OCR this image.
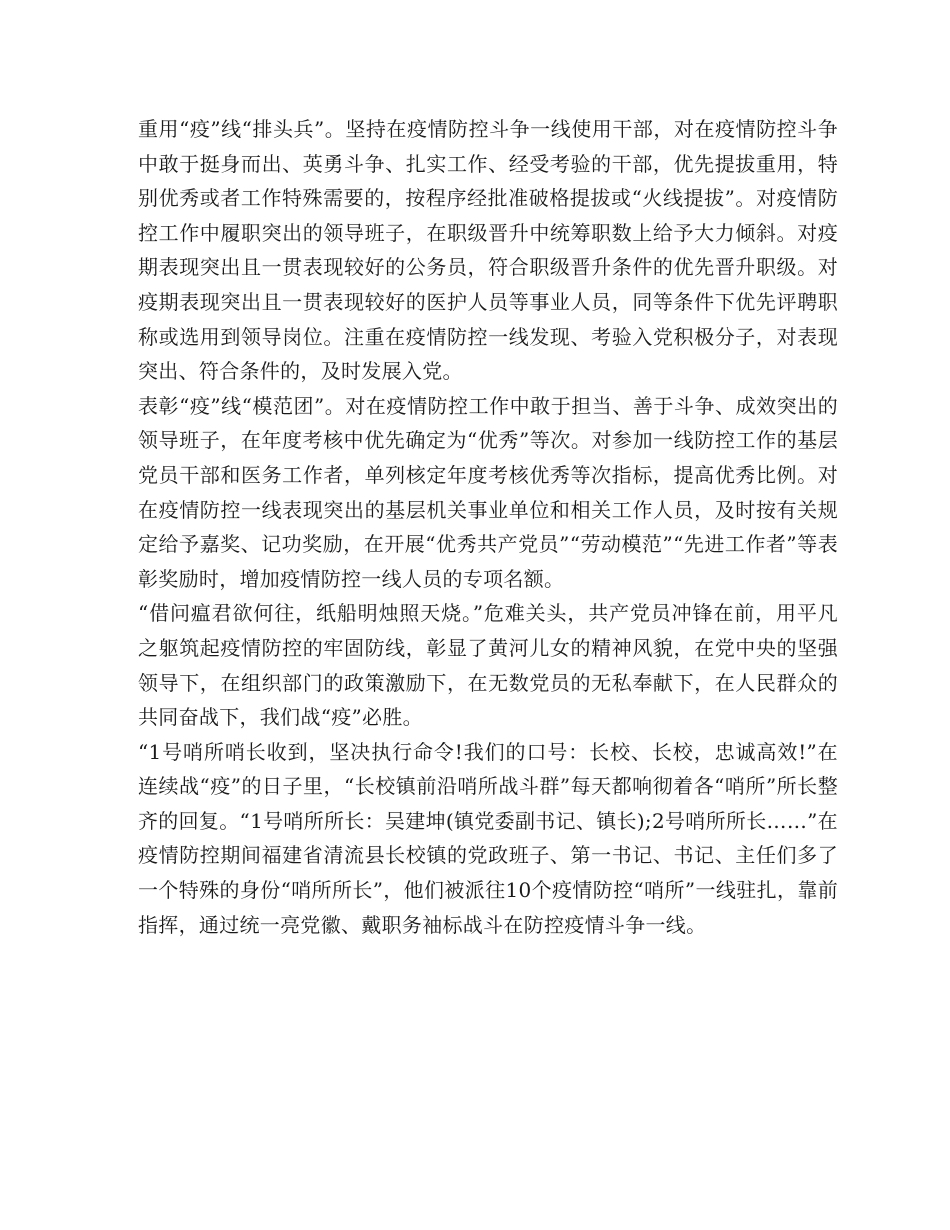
重用“疫”线“排头兵”。坚持在疫情防控斗争一线使用干部，对在疫情防控斗争中敢于挺身而出、英勇斗争、扎实工作、经受考验的干部，优先提拔重用，特别优秀或者工作特殊需要的，按程序经批准破格提拔或“火线提拔”。对疫情防控工作中履职突出的领导班子，在职级晋升中统筹职数上给予大力倾斜。对疫期表现突出且一贯表现较好的公务员，符合职级晋升条件的优先晋升职级。对疫期表现突出且一贯表现较好的医护人员等事业人员，同等条件下优先评聘职称或选用到领导岗位。注重在疫情防控一线发现、考验入党积极分子，对表现突出、符合条件的，及时发展入党。

表彰“疫”线“模范团”。对在疫情防控工作中敢于担当、善于斗争、成效突出的领导班子，在年度考核中优先确定为“优秀”等次。对参加一线防控工作的基层党员干部和医务工作者，单列核定年度考核优秀等次指标，提高优秀比例。对在疫情防控一线表现突出的基层机关事业单位和相关工作人员，及时按有关规定给予嘉奖、记功奖励，在开展“优秀共产党员”“劳动模范”“先进工作者”等表彰奖励时，增加疫情防控一线人员的专项名额。

“借问瘟君欲何往，纸船明烛照天烧。”危难关头，共产党员冲锋在前，用平凡之躯筑起疫情防控的牢固防线，彰显了黄河儿女的精神风貌，在党中央的坚强领导下，在组织部门的政策激励下，在无数党员的无私奉献下，在人民群众的共同奋战下，我们战“疫”必胜。

“1号哨所哨长收到，坚决执行命令!我们的口号：长校、长校，忠诚高效!”在连续战“疫”的日子里，“长校镇前沿哨所战斗群”每天都响彻着各“哨所”所长整齐的回复。“1号哨所所长：吴建坤(镇党委副书记、镇长);2号哨所所长……”在疫情防控期间福建省清流县长校镇的党政班子、第一书记、书记、主任们多了一个特殊的身份“哨所所长”，他们被派往10个疫情防控“哨所”一线驻扎，靠前指挥，通过统一亮党徽、戴职务袖标战斗在防控疫情斗争一线。
